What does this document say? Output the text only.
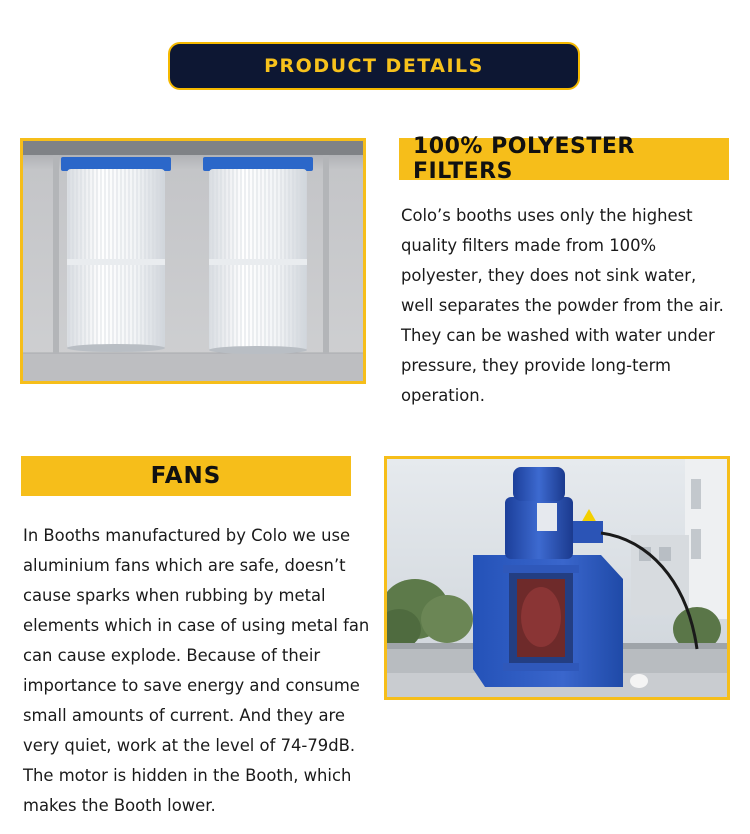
PRODUCT DETAILS
100% POLYESTER FILTERS

Colo’s booths uses only the highest
quality filters made from 100%
polyester, they does not sink water,
well separates the powder from the air.
They can be washed with water under
pressure, they provide long-term
operation.

FANS

In Booths manufactured by Colo we use
aluminium fans which are safe, doesn’t
cause sparks when rubbing by metal
elements which in case of using metal fan
can cause explode. Because of their
importance to save energy and consume
small amounts of current. And they are
very quiet, work at the level of 74-79dB.
The motor is hidden in the Booth, which
makes the Booth lower.
